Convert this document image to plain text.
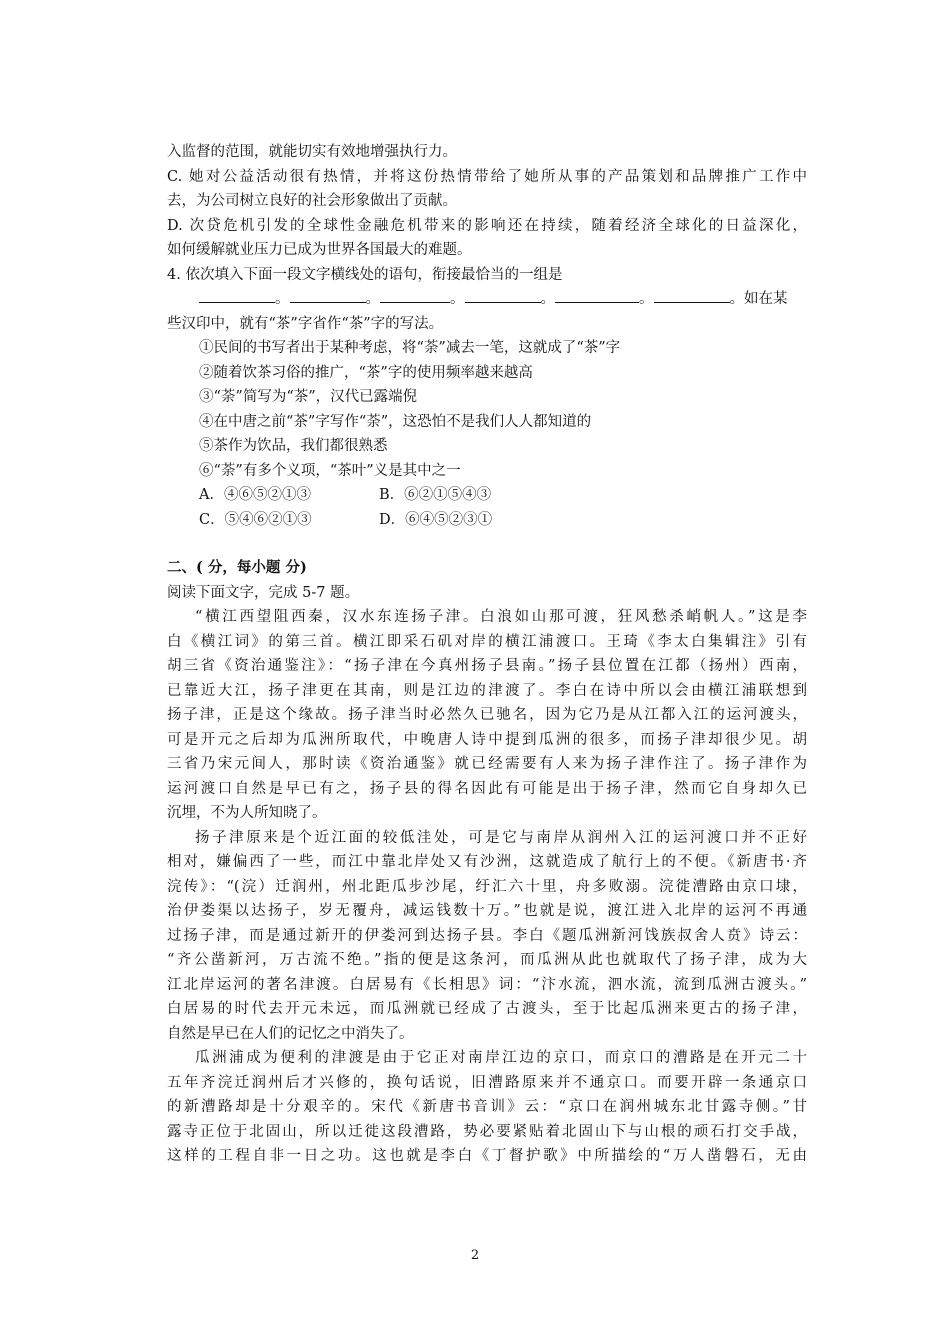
入监督的范围，就能切实有效地增强执行力。
C. 她对公益活动很有热情，并将这份热情带给了她所从事的产品策划和品牌推广工作中
去，为公司树立良好的社会形象做出了贡献。
D. 次贷危机引发的全球性金融危机带来的影响还在持续，随着经济全球化的日益深化，
如何缓解就业压力已成为世界各国最大的难题。
4. 依次填入下面一段文字横线处的语句，衔接最恰当的一组是
。	。	。	。	。	。如在某
些汉印中，就有“茶”字省作“茶”字的写法。
①民间的书写者出于某种考虑，将“荼”减去一笔，这就成了“茶”字
②随着饮茶习俗的推广，“茶”字的使用频率越来越高
③“荼”简写为“茶”，汉代已露端倪
④在中唐之前“茶”字写作“荼”，这恐怕不是我们人人都知道的
⑤茶作为饮品，我们都很熟悉
⑥“荼”有多个义项，“茶叶”义是其中之一
A．④⑥⑤②①③	B．⑥②①⑤④③
C．⑤④⑥②①③	D．⑥④⑤②③①
二、( 分，每小题 分)
阅读下面文字，完成 5-7 题。
“横江西望阻西秦，汉水东连扬子津。白浪如山那可渡，狂风愁杀峭帆人。”这是李
白《横江词》的第三首。横江即采石矶对岸的横江浦渡口。王琦《李太白集辑注》引有
胡三省《资治通鉴注》：“扬子津在今真州扬子县南。”扬子县位置在江都（扬州）西南，
已靠近大江，扬子津更在其南，则是江边的津渡了。李白在诗中所以会由横江浦联想到
扬子津，正是这个缘故。扬子津当时必然久已驰名，因为它乃是从江都入江的运河渡头，
可是开元之后却为瓜洲所取代，中晚唐人诗中提到瓜洲的很多，而扬子津却很少见。胡
三省乃宋元间人，那时读《资治通鉴》就已经需要有人来为扬子津作注了。扬子津作为
运河渡口自然是早已有之，扬子县的得名因此有可能是出于扬子津，然而它自身却久已
沉埋，不为人所知晓了。
扬子津原来是个近江面的较低洼处，可是它与南岸从润州入江的运河渡口并不正好
相对，嫌偏西了一些，而江中靠北岸处又有沙洲，这就造成了航行上的不便。《新唐书·齐
浣传》：“(浣）迁润州，州北距瓜步沙尾，纡汇六十里，舟多败溺。浣徙漕路由京口埭，
治伊娄渠以达扬子，岁无覆舟，减运钱数十万。”也就是说，渡江进入北岸的运河不再通
过扬子津，而是通过新开的伊娄河到达扬子县。李白《题瓜洲新河饯族叔舍人贲》诗云：
“齐公凿新河，万古流不绝。”指的便是这条河，而瓜洲从此也就取代了扬子津，成为大
江北岸运河的著名津渡。白居易有《长相思》词：“汴水流，泗水流，流到瓜洲古渡头。”
白居易的时代去开元未远，而瓜洲就已经成了古渡头，至于比起瓜洲来更古的扬子津，
自然是早已在人们的记忆之中消失了。
瓜洲浦成为便利的津渡是由于它正对南岸江边的京口，而京口的漕路是在开元二十
五年齐浣迁润州后才兴修的，换句话说，旧漕路原来并不通京口。而要开辟一条通京口
的新漕路却是十分艰辛的。宋代《新唐书音训》云：“京口在润州城东北甘露寺侧。”甘
露寺正位于北固山，所以迁徙这段漕路，势必要紧贴着北固山下与山根的顽石打交手战，
这样的工程自非一日之功。这也就是李白《丁督护歌》中所描绘的“万人凿磐石，无由
2
